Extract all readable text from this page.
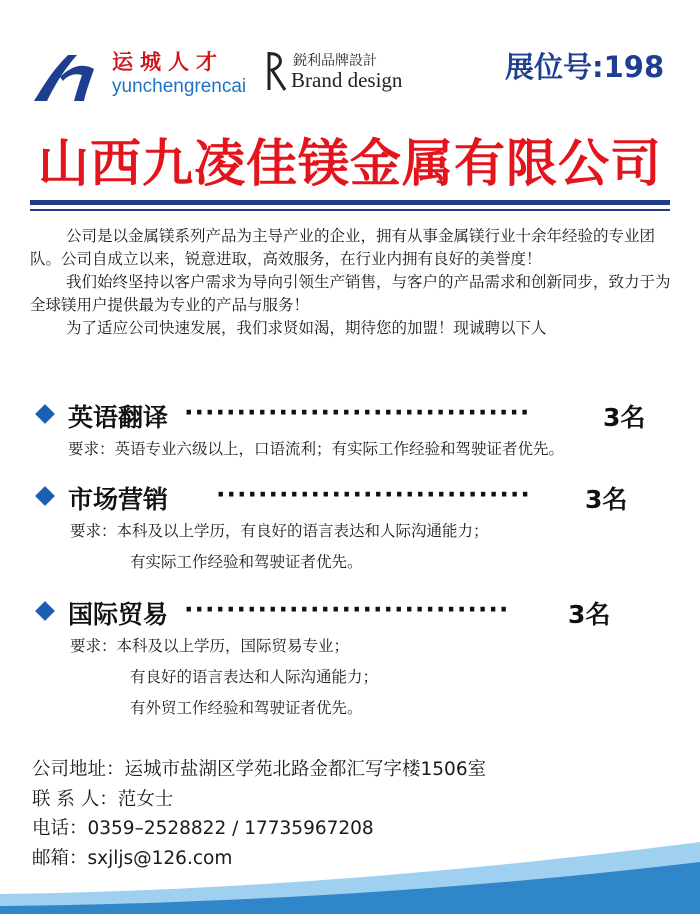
运城人才
yunchengrencai
鋭利品牌設計
Brand design	展位号:198
山西九凌佳镁金属有限公司

公司是以金属镁系列产品为主导产业的企业，拥有从事金属镁行业十余年经验的专业团队。公司自成立以来，锐意进取，高效服务，在行业内拥有良好的美誉度！

我们始终坚持以客户需求为导向引领生产销售，与客户的产品需求和创新同步，致力于为全球镁用户提供最为专业的产品与服务！

为了适应公司快速发展，我们求贤如渴，期待您的加盟！现诚聘以下人

英语翻译 ·································	3名
要求：英语专业六级以上，口语流利；有实际工作经验和驾驶证者优先。
市场营销 ······························ 3名
要求：本科及以上学历，有良好的语言表达和人际沟通能力；
有实际工作经验和驾驶证者优先。
国际贸易 ······························· 3名
要求：本科及以上学历，国际贸易专业；
有良好的语言表达和人际沟通能力；
有外贸工作经验和驾驶证者优先。
公司地址：运城市盐湖区学苑北路金都汇写字楼1506室
联 系 人：范女士
电话：0359–2528822 / 17735967208
邮箱：sxjljs@126.com
